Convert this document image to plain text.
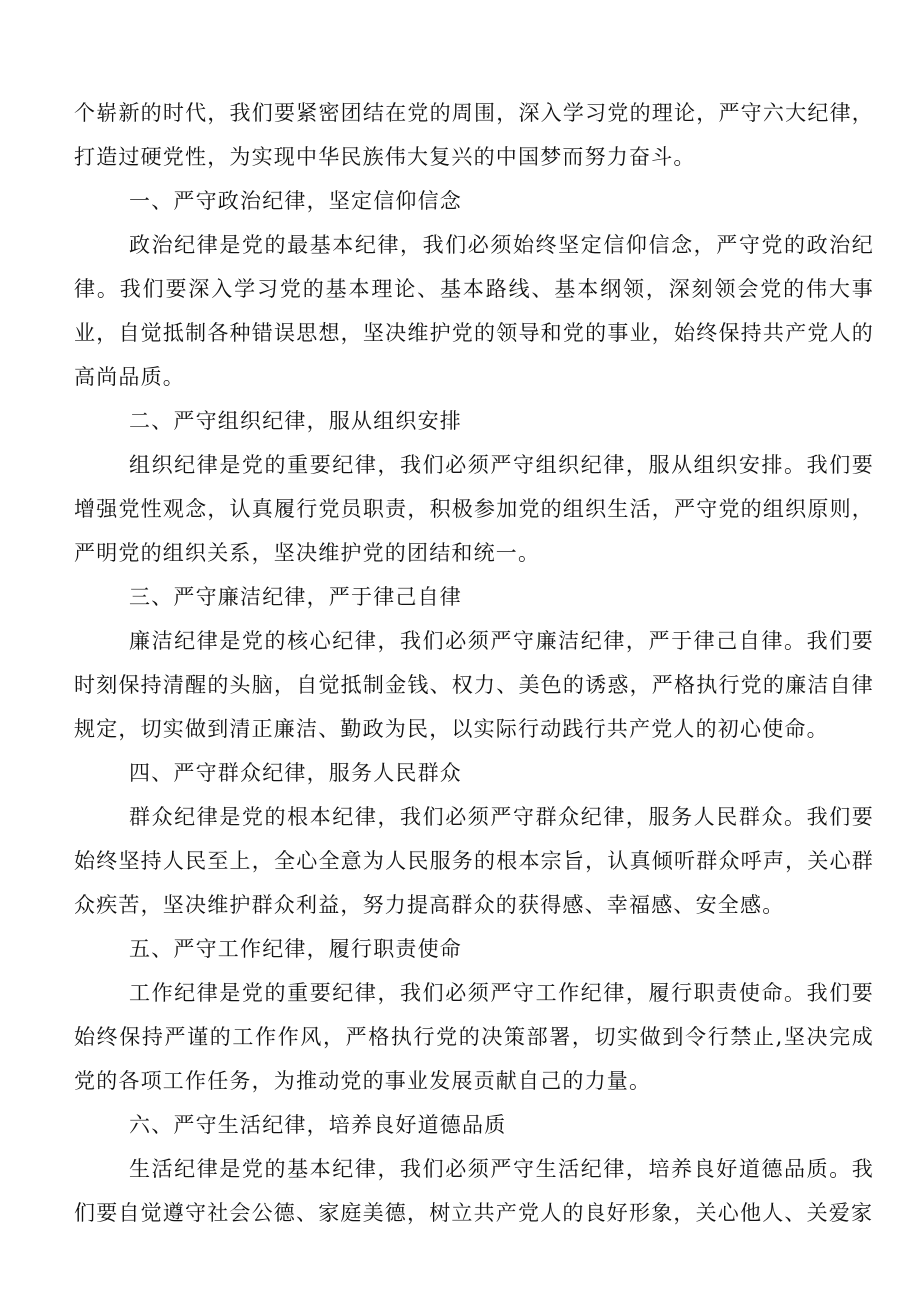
个崭新的时代，我们要紧密团结在党的周围，深入学习党的理论，严守六大纪律，打造过硬党性，为实现中华民族伟大复兴的中国梦而努力奋斗。

一、严守政治纪律，坚定信仰信念

政治纪律是党的最基本纪律，我们必须始终坚定信仰信念，严守党的政治纪律。我们要深入学习党的基本理论、基本路线、基本纲领，深刻领会党的伟大事业，自觉抵制各种错误思想，坚决维护党的领导和党的事业，始终保持共产党人的高尚品质。

二、严守组织纪律，服从组织安排

组织纪律是党的重要纪律，我们必须严守组织纪律，服从组织安排。我们要增强党性观念，认真履行党员职责，积极参加党的组织生活，严守党的组织原则，严明党的组织关系，坚决维护党的团结和统一。

三、严守廉洁纪律，严于律己自律

廉洁纪律是党的核心纪律，我们必须严守廉洁纪律，严于律己自律。我们要时刻保持清醒的头脑，自觉抵制金钱、权力、美色的诱惑，严格执行党的廉洁自律规定，切实做到清正廉洁、勤政为民，以实际行动践行共产党人的初心使命。

四、严守群众纪律，服务人民群众

群众纪律是党的根本纪律，我们必须严守群众纪律，服务人民群众。我们要始终坚持人民至上，全心全意为人民服务的根本宗旨，认真倾听群众呼声，关心群众疾苦，坚决维护群众利益，努力提高群众的获得感、幸福感、安全感。

五、严守工作纪律，履行职责使命

工作纪律是党的重要纪律，我们必须严守工作纪律，履行职责使命。我们要始终保持严谨的工作作风，严格执行党的决策部署，切实做到令行禁止,坚决完成党的各项工作任务，为推动党的事业发展贡献自己的力量。

六、严守生活纪律，培养良好道德品质

生活纪律是党的基本纪律，我们必须严守生活纪律，培养良好道德品质。我们要自觉遵守社会公德、家庭美德，树立共产党人的良好形象，关心他人、关爱家
